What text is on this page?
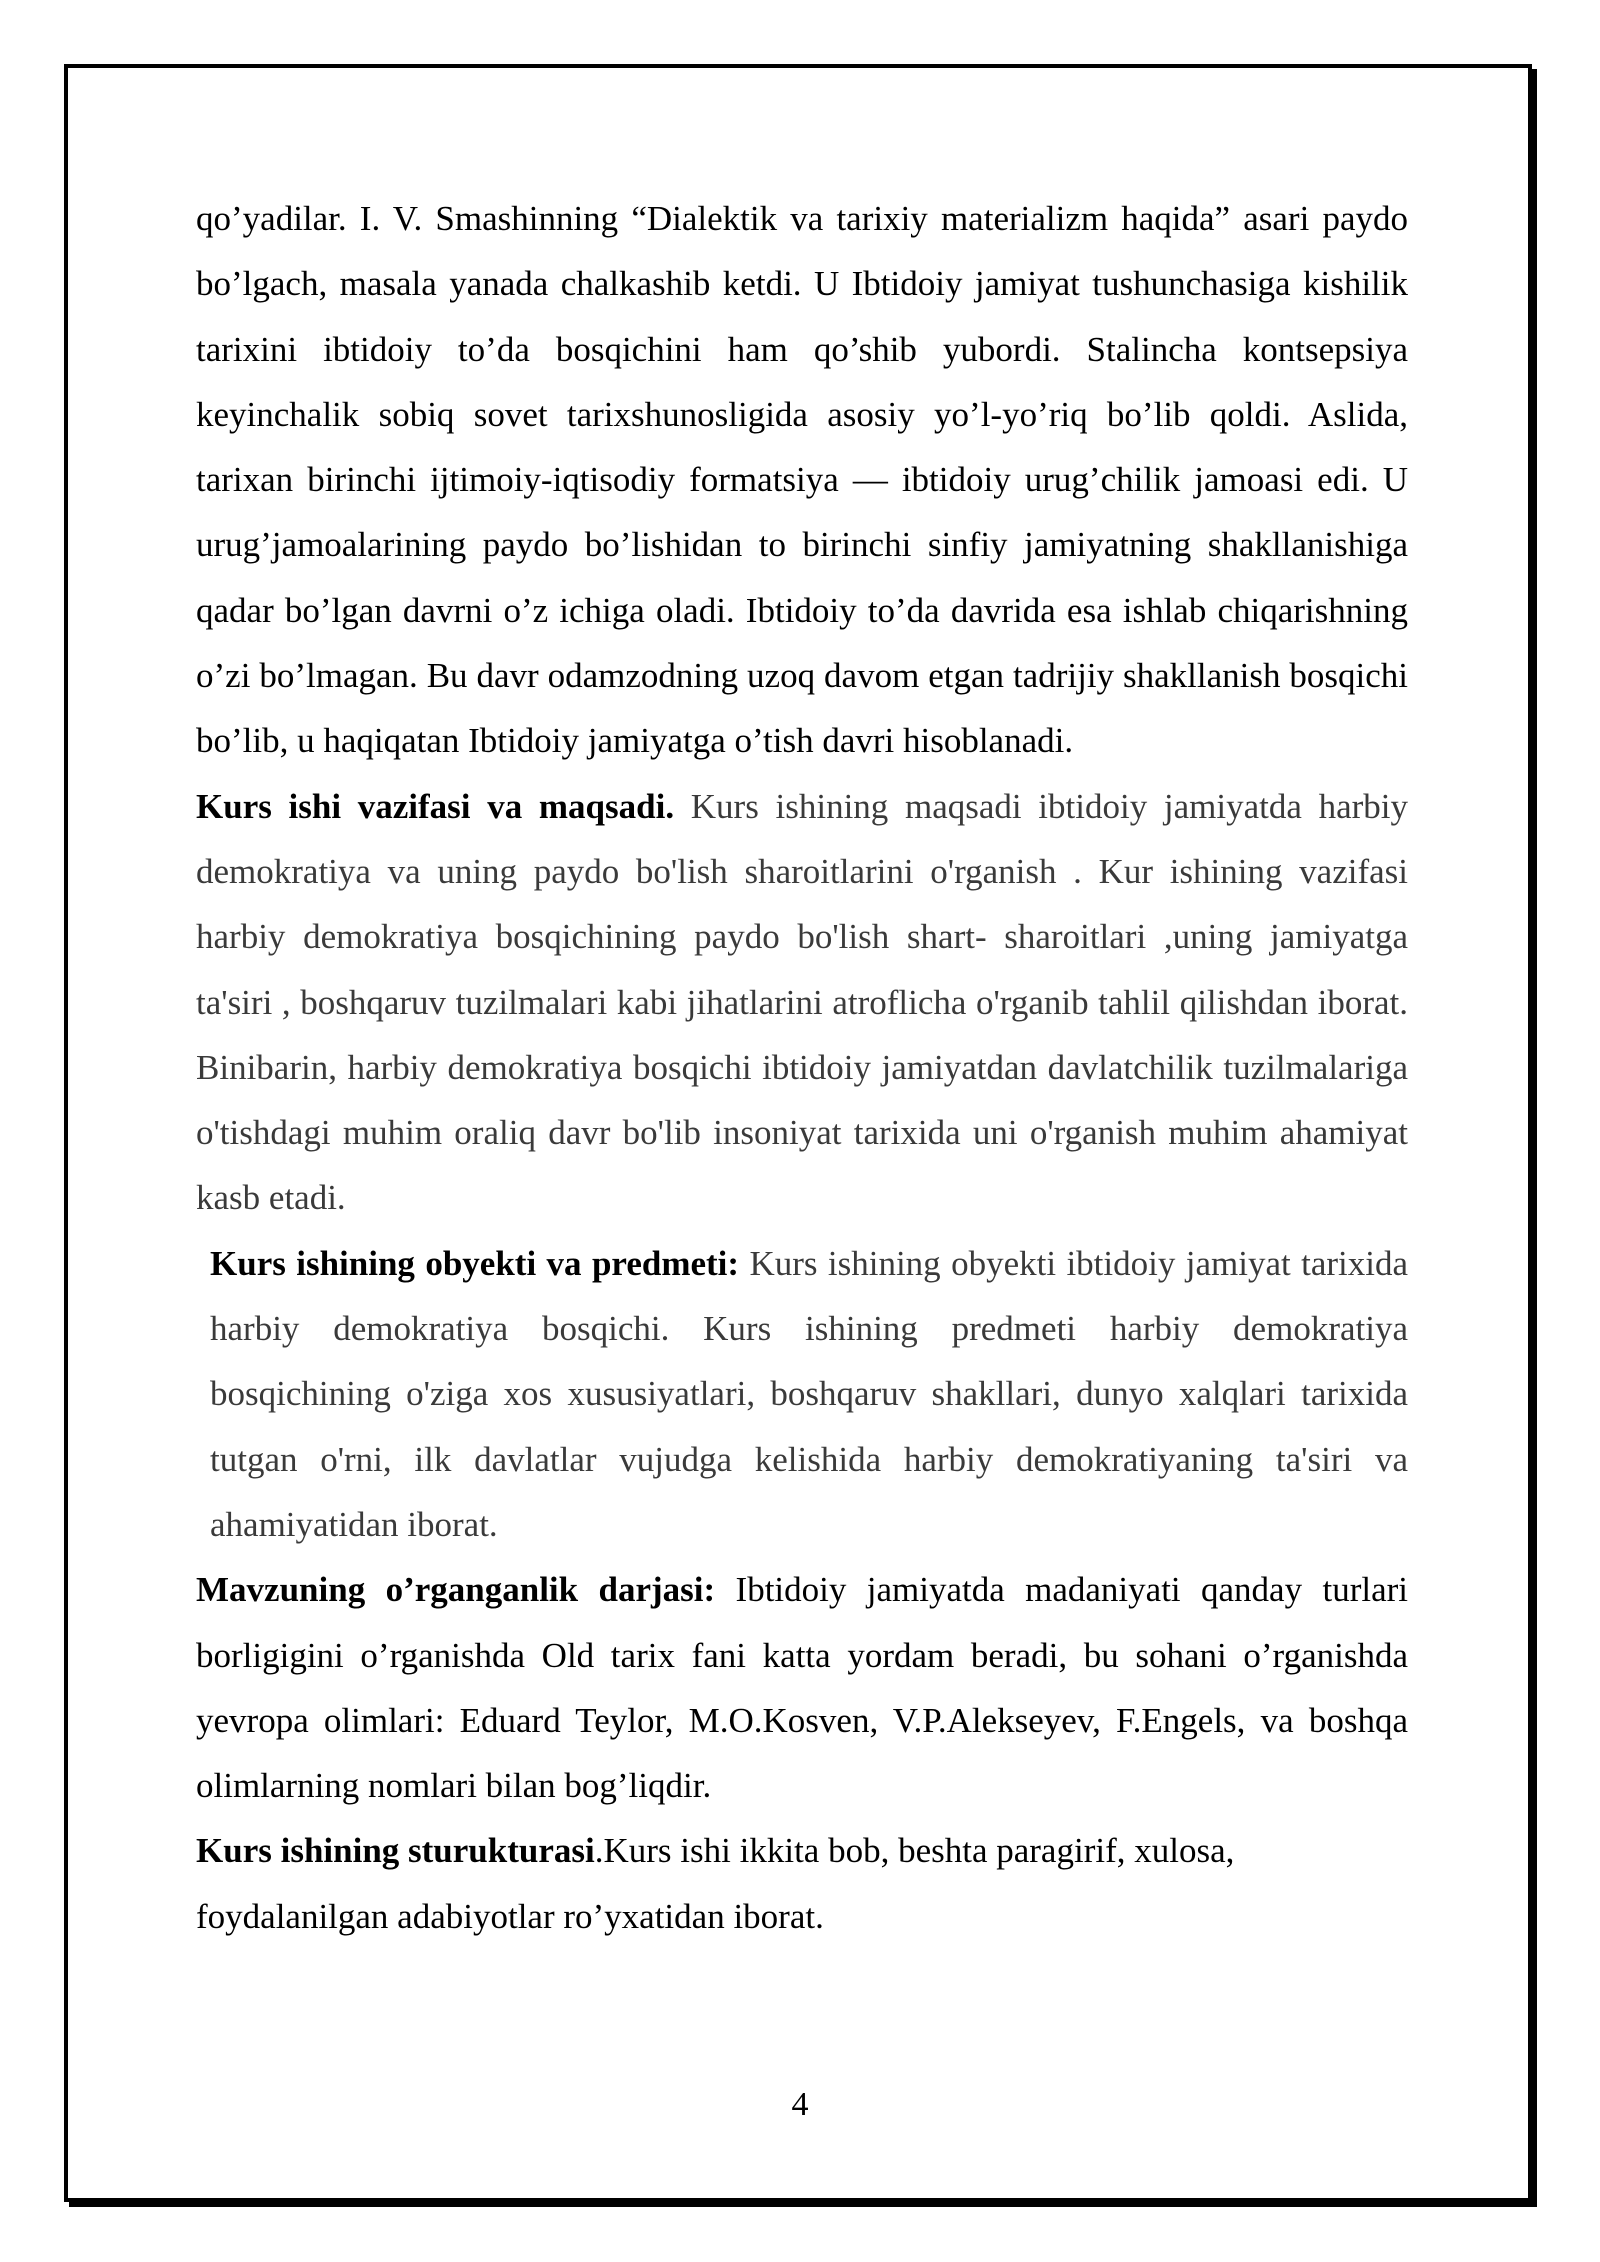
qo’yadilar. I. V. Smashinning “Dialektik va tarixiy materializm haqida” asari paydo bo’lgach, masala yanada chalkashib ketdi. U Ibtidoiy jamiyat tushunchasiga kishilik tarixini ibtidoiy to’da bosqichini ham qo’shib yubordi. Stalincha kontsepsiya keyinchalik sobiq sovet tarixshunosligida asosiy yo’l-yo’riq bo’lib qoldi. Aslida, tarixan birinchi ijtimoiy-iqtisodiy formatsiya — ibtidoiy urug’chilik jamoasi edi. U urug’jamoalarining paydo bo’lishidan to birinchi sinfiy jamiyatning shakllanishiga qadar bo’lgan davrni o’z ichiga oladi. Ibtidoiy to’da davrida esa ishlab chiqarishning o’zi bo’lmagan. Bu davr odamzodning uzoq davom etgan tadrijiy shakllanish bosqichi bo’lib, u haqiqatan Ibtidoiy jamiyatga o’tish davri hisoblanadi.

Kurs ishi vazifasi va maqsadi. Kurs ishining maqsadi ibtidoiy jamiyatda harbiy demokratiya va uning paydo bo'lish sharoitlarini o'rganish . Kur ishining vazifasi harbiy demokratiya bosqichining paydo bo'lish shart- sharoitlari ,uning jamiyatga ta'siri , boshqaruv tuzilmalari kabi jihatlarini atroflicha o'rganib tahlil qilishdan iborat. Binibarin, harbiy demokratiya bosqichi ibtidoiy jamiyatdan davlatchilik tuzilmalariga o'tishdagi muhim oraliq davr bo'lib insoniyat tarixida uni o'rganish muhim ahamiyat kasb etadi.

Kurs ishining obyekti va predmeti: Kurs ishining obyekti ibtidoiy jamiyat tarixida harbiy demokratiya bosqichi. Kurs ishining predmeti harbiy demokratiya bosqichining o'ziga xos xususiyatlari, boshqaruv shakllari, dunyo xalqlari tarixida tutgan o'rni, ilk davlatlar vujudga kelishida harbiy demokratiyaning ta'siri va ahamiyatidan iborat.

Mavzuning o’rganganlik darjasi: Ibtidoiy jamiyatda madaniyati qanday turlari borligigini o’rganishda Old tarix fani katta yordam beradi, bu sohani o’rganishda yevropa olimlari: Eduard Teylor, M.O.Kosven, V.P.Alekseyev, F.Engels, va boshqa olimlarning nomlari bilan bog’liqdir.

Kurs ishining sturukturasi.Kurs ishi ikkita bob, beshta paragirif, xulosa, foydalanilgan adabiyotlar ro’yxatidan iborat.

4
